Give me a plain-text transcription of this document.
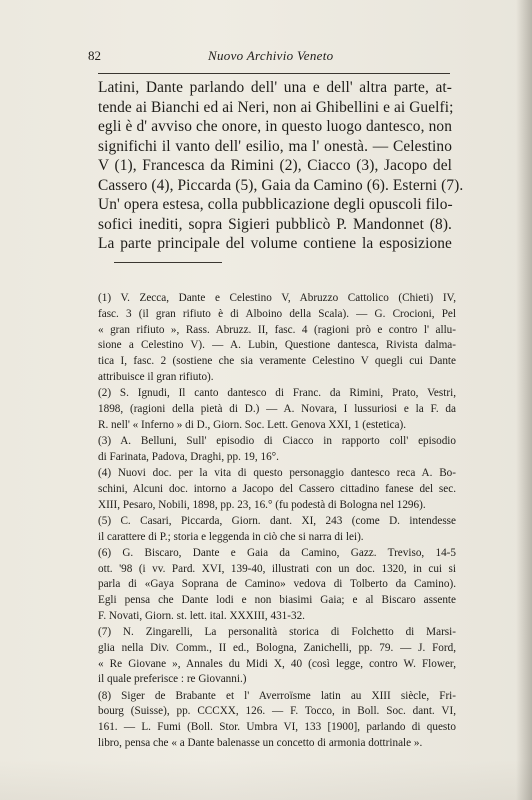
82	Nuovo Archivio Veneto
Latini, Dante parlando dell' una e dell' altra parte, at-
tende ai Bianchi ed ai Neri, non ai Ghibellini e ai Guelfi;
egli è d' avviso che onore, in questo luogo dantesco, non
significhi il vanto dell' esilio, ma l' onestà. — Celestino
V (1), Francesca da Rimini (2), Ciacco (3), Jacopo del
Cassero (4), Piccarda (5), Gaia da Camino (6). Esterni (7).
Un' opera estesa, colla pubblicazione degli opuscoli filo-
sofici inediti, sopra Sigieri pubblicò P. Mandonnet (8).
La parte principale del volume contiene la esposizione
(1) V. Zecca, Dante e Celestino V, Abruzzo Cattolico (Chieti) IV,
fasc. 3 (il gran rifiuto è di Alboino della Scala). — G. Crocioni, Pel
« gran rifiuto », Rass. Abruzz. II, fasc. 4 (ragioni prò e contro l' allu-
sione a Celestino V). — A. Lubin, Questione dantesca, Rivista dalma-
tica I, fasc. 2 (sostiene che sia veramente Celestino V quegli cui Dante
attribuisce il gran rifiuto).
(2) S. Ignudi, Il canto dantesco di Franc. da Rimini, Prato, Vestri,
1898, (ragioni della pietà di D.) — A. Novara, I lussuriosi e la F. da
R. nell' « Inferno » di D., Giorn. Soc. Lett. Genova XXI, 1 (estetica).
(3) A. Belluni, Sull' episodio di Ciacco in rapporto coll' episodio
di Farinata, Padova, Draghi, pp. 19, 16°.
(4) Nuovi doc. per la vita di questo personaggio dantesco reca A. Bo-
schini, Alcuni doc. intorno a Jacopo del Cassero cittadino fanese del sec.
XIII, Pesaro, Nobili, 1898, pp. 23, 16.° (fu podestà di Bologna nel 1296).
(5) C. Casari, Piccarda, Giorn. dant. XI, 243 (come D. intendesse
il carattere di P.; storia e leggenda in ciò che si narra di lei).
(6) G. Biscaro, Dante e Gaia da Camino, Gazz. Treviso, 14-5
ott. '98 (i vv. Pard. XVI, 139-40, illustrati con un doc. 1320, in cui si
parla di «Gaya Soprana de Camino» vedova di Tolberto da Camino).
Egli pensa che Dante lodi e non biasimi Gaia; e al Biscaro assente
F. Novati, Giorn. st. lett. ital. XXXIII, 431-32.
(7) N. Zingarelli, La personalità storica di Folchetto di Marsi-
glia nella Div. Comm., II ed., Bologna, Zanichelli, pp. 79. — J. Ford,
« Re Giovane », Annales du Midi X, 40 (così legge, contro W. Flower,
il quale preferisce : re Giovanni.)
(8) Siger de Brabante et l' Averroïsme latin au XIII siècle, Fri-
bourg (Suisse), pp. CCCXX, 126. — F. Tocco, in Boll. Soc. dant. VI,
161. — L. Fumi (Boll. Stor. Umbra VI, 133 [1900], parlando di questo
libro, pensa che « a Dante balenasse un concetto di armonia dottrinale ».
